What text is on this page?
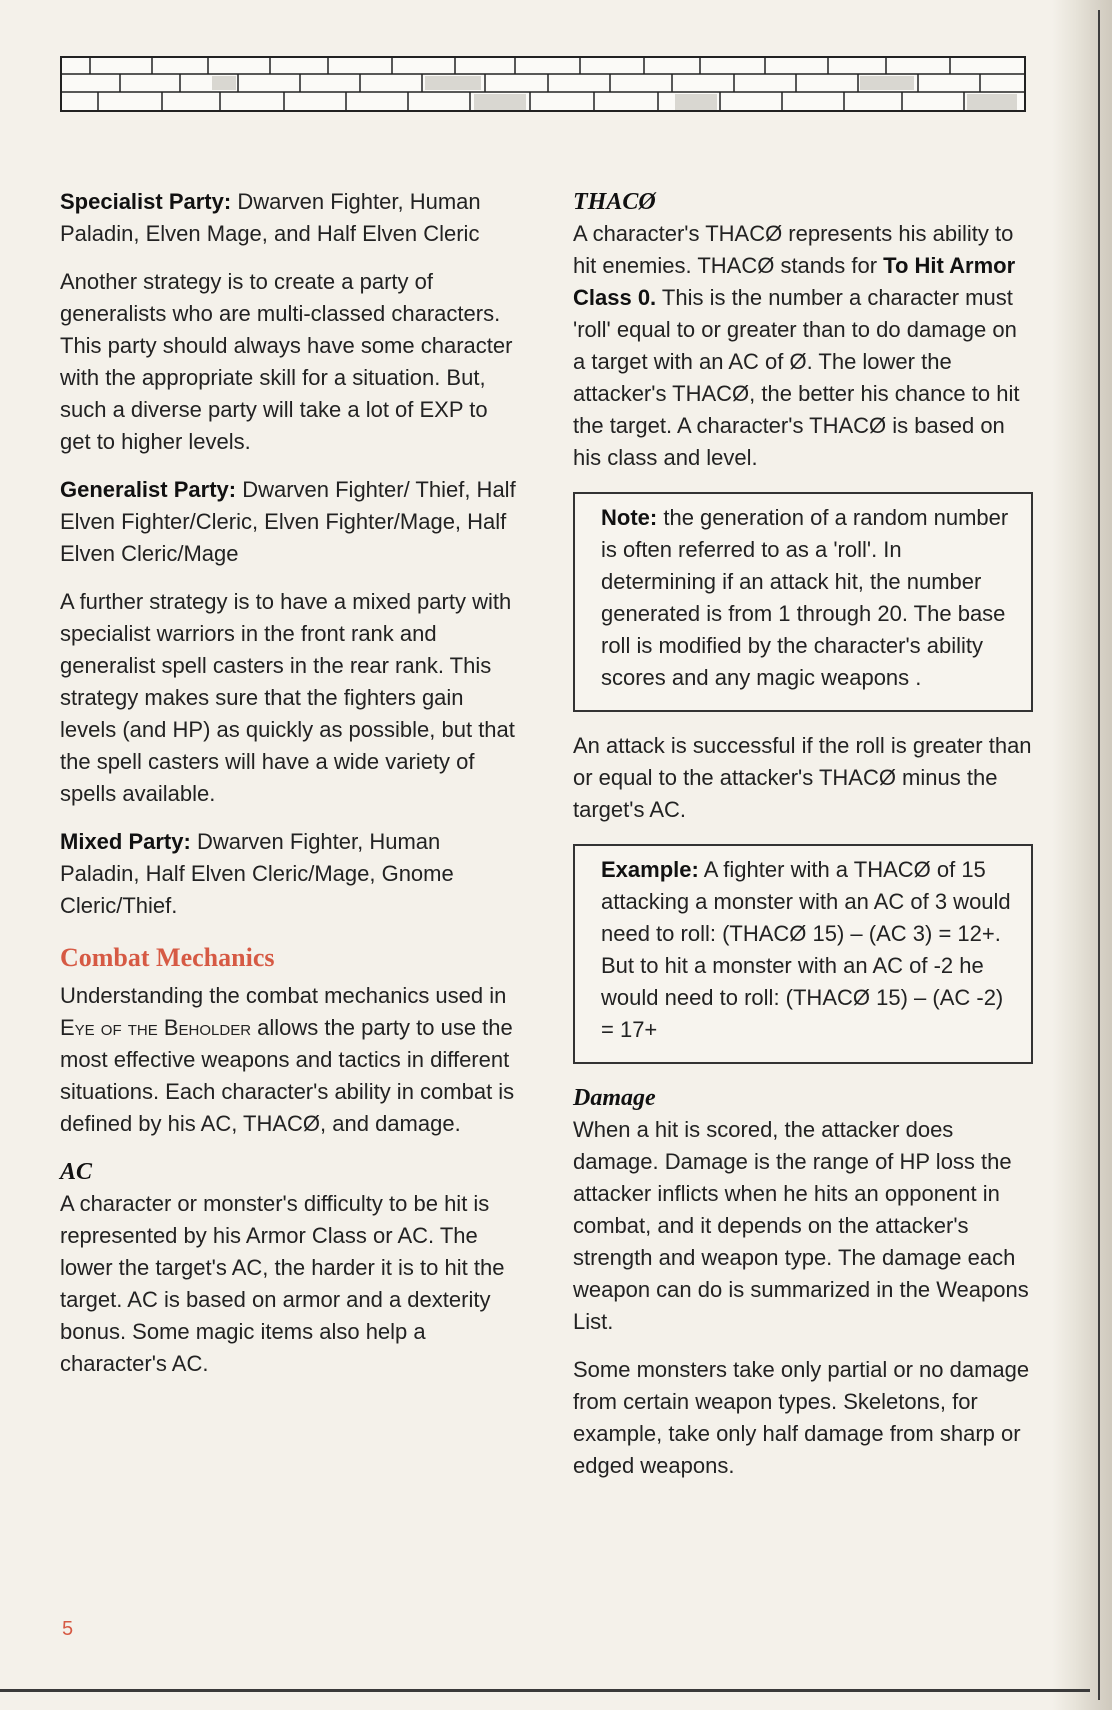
Specialist Party: Dwarven Fighter, Human Paladin, Elven Mage, and Half Elven Cleric

Another strategy is to create a party of generalists who are multi-classed characters. This party should always have some character with the appropriate skill for a situation. But, such a diverse party will take a lot of EXP to get to higher levels.

Generalist Party: Dwarven Fighter/ Thief, Half Elven Fighter/Cleric, Elven Fighter/Mage, Half Elven Cleric/Mage

A further strategy is to have a mixed party with specialist warriors in the front rank and generalist spell casters in the rear rank. This strategy makes sure that the fighters gain levels (and HP) as quickly as possible, but that the spell casters will have a wide variety of spells available.

Mixed Party: Dwarven Fighter, Human Paladin, Half Elven Cleric/Mage, Gnome Cleric/Thief.

Combat Mechanics

Understanding the combat mechanics used in Eye of the Beholder allows the party to use the most effective weapons and tactics in different situations. Each character's ability in combat is defined by his AC, THACØ, and damage.

AC

A character or monster's difficulty to be hit is represented by his Armor Class or AC. The lower the target's AC, the harder it is to hit the target. AC is based on armor and a dexterity bonus. Some magic items also help a character's AC.

THACØ

A character's THACØ represents his ability to hit enemies. THACØ stands for To Hit Armor Class 0. This is the number a character must 'roll' equal to or greater than to do damage on a target with an AC of Ø. The lower the attacker's THACØ, the better his chance to hit the target. A character's THACØ is based on his class and level.

Note: the generation of a random number is often referred to as a 'roll'. In determining if an attack hit, the number generated is from 1 through 20. The base roll is modified by the character's ability scores and any magic weapons .

An attack is successful if the roll is greater than or equal to the attacker's THACØ minus the target's AC.

Example: A fighter with a THACØ of 15 attacking a monster with an AC of 3 would need to roll: (THACØ 15) – (AC 3) = 12+. But to hit a monster with an AC of -2 he would need to roll: (THACØ 15) – (AC -2) = 17+

Damage

When a hit is scored, the attacker does damage. Damage is the range of HP loss the attacker inflicts when he hits an opponent in combat, and it depends on the attacker's strength and weapon type. The damage each weapon can do is summarized in the Weapons List.

Some monsters take only partial or no damage from certain weapon types. Skeletons, for example, take only half damage from sharp or edged weapons.

5
